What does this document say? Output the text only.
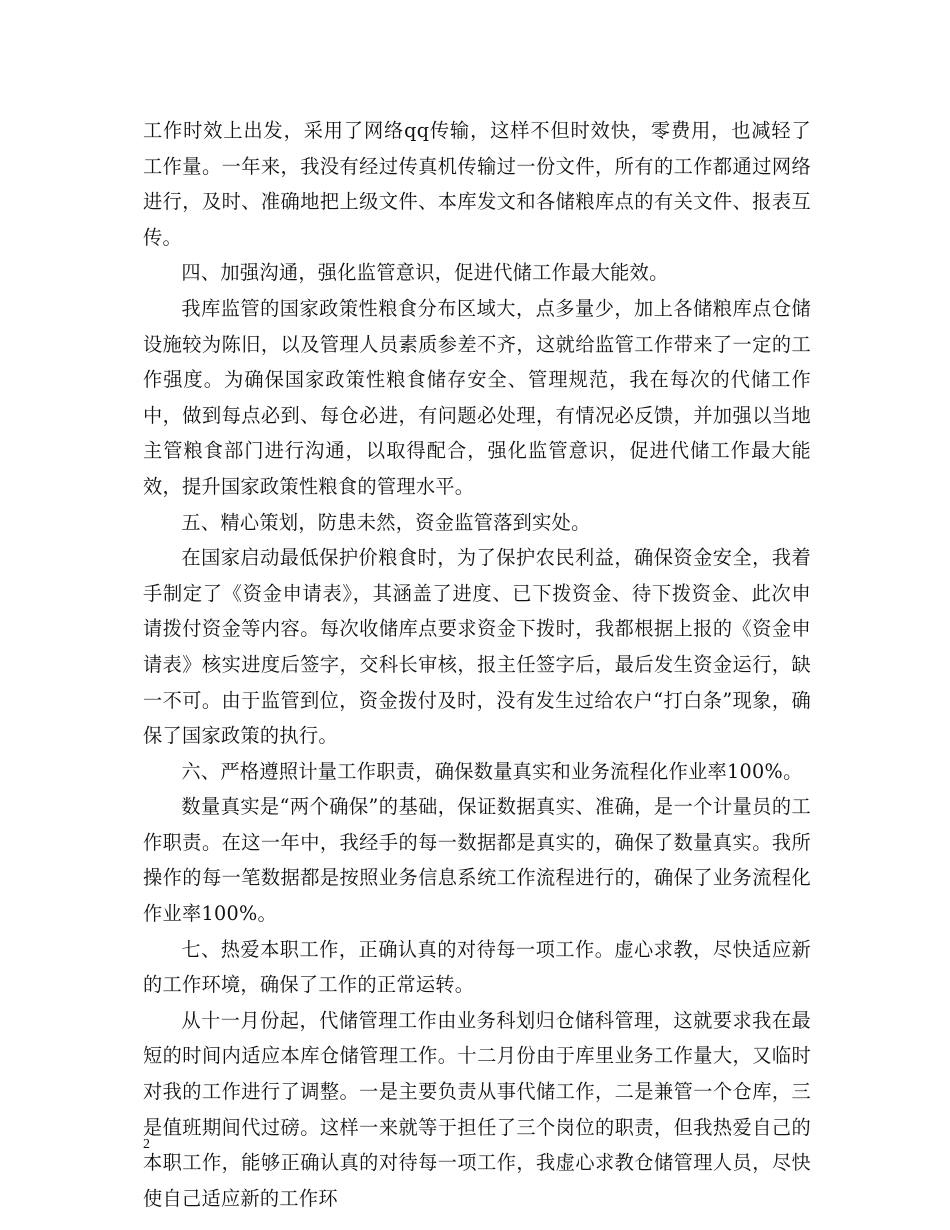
工作时效上出发，采用了网络qq传输，这样不但时效快，零费用，也减轻了工作量。一年来，我没有经过传真机传输过一份文件，所有的工作都通过网络进行，及时、准确地把上级文件、本库发文和各储粮库点的有关文件、报表互传。

四、加强沟通，强化监管意识，促进代储工作最大能效。

我库监管的国家政策性粮食分布区域大，点多量少，加上各储粮库点仓储设施较为陈旧，以及管理人员素质参差不齐，这就给监管工作带来了一定的工作强度。为确保国家政策性粮食储存安全、管理规范，我在每次的代储工作中，做到每点必到、每仓必进，有问题必处理，有情况必反馈，并加强以当地主管粮食部门进行沟通，以取得配合，强化监管意识，促进代储工作最大能效，提升国家政策性粮食的管理水平。

五、精心策划，防患未然，资金监管落到实处。

在国家启动最低保护价粮食时，为了保护农民利益，确保资金安全，我着手制定了《资金申请表》，其涵盖了进度、已下拨资金、待下拨资金、此次申请拨付资金等内容。每次收储库点要求资金下拨时，我都根据上报的《资金申请表》核实进度后签字，交科长审核，报主任签字后，最后发生资金运行，缺一不可。由于监管到位，资金拨付及时，没有发生过给农户“打白条”现象，确保了国家政策的执行。

六、严格遵照计量工作职责，确保数量真实和业务流程化作业率100%。

数量真实是“两个确保”的基础，保证数据真实、准确，是一个计量员的工作职责。在这一年中，我经手的每一数据都是真实的，确保了数量真实。我所操作的每一笔数据都是按照业务信息系统工作流程进行的，确保了业务流程化作业率100%。

七、热爱本职工作，正确认真的对待每一项工作。虚心求教，尽快适应新的工作环境，确保了工作的正常运转。

从十一月份起，代储管理工作由业务科划归仓储科管理，这就要求我在最短的时间内适应本库仓储管理工作。十二月份由于库里业务工作量大，又临时对我的工作进行了调整。一是主要负责从事代储工作，二是兼管一个仓库，三是值班期间代过磅。这样一来就等于担任了三个岗位的职责，但我热爱自己的本职工作，能够正确认真的对待每一项工作，我虚心求教仓储管理人员，尽快使自己适应新的工作环

2
